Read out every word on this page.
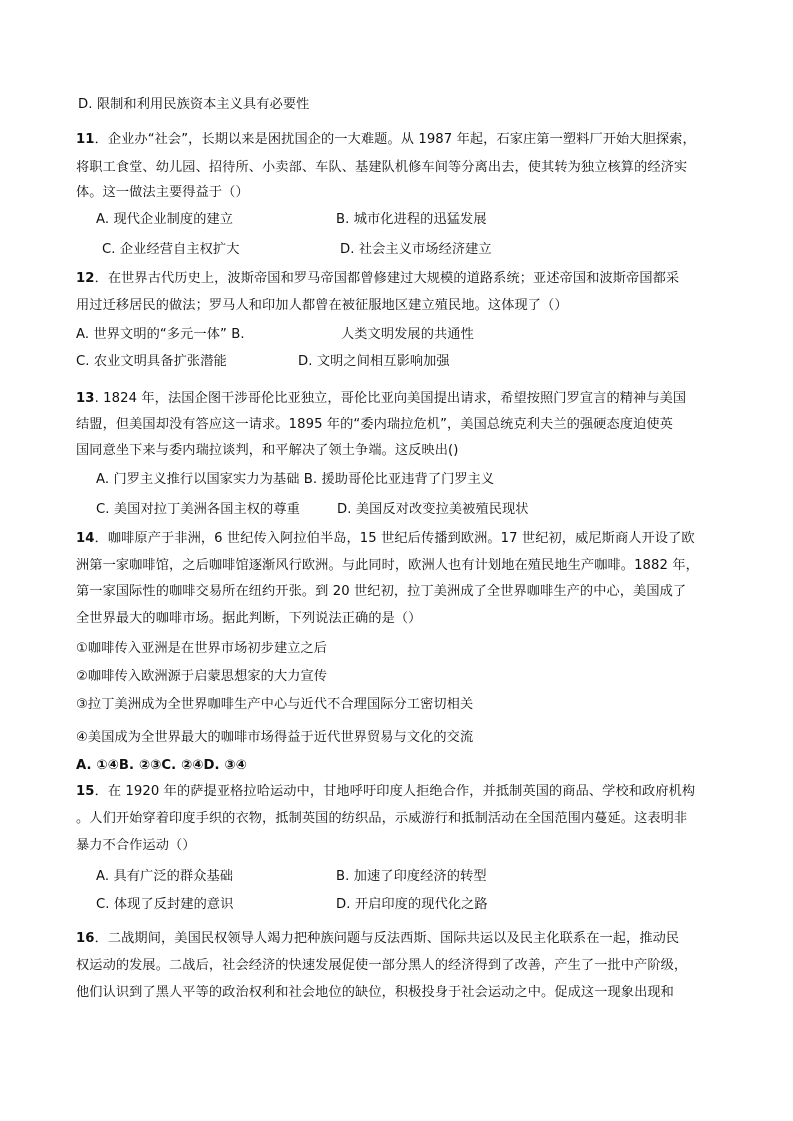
D. 限制和利用民族资本主义具有必要性
11．企业办“社会”，长期以来是困扰国企的一大难题。从 1987 年起，石家庄第一塑料厂开始大胆探索，
将职工食堂、幼儿园、招待所、小卖部、车队、基建队机修车间等分离出去，使其转为独立核算的经济实
体。这一做法主要得益于（）
A. 现代企业制度的建立	B. 城市化进程的迅猛发展
C. 企业经营自主权扩大	D. 社会主义市场经济建立
12．在世界古代历史上，波斯帝国和罗马帝国都曾修建过大规模的道路系统；亚述帝国和波斯帝国都采
用过迁移居民的做法；罗马人和印加人都曾在被征服地区建立殖民地。这体现了（）
A. 世界文明的“多元一体” B.	人类文明发展的共通性
C. 农业文明具备扩张潜能	D. 文明之间相互影响加强
13. 1824 年，法国企图干涉哥伦比亚独立，哥伦比亚向美国提出请求，希望按照门罗宣言的精神与美国
结盟，但美国却没有答应这一请求。1895 年的“委内瑞拉危机”，美国总统克利夫兰的强硬态度迫使英
国同意坐下来与委内瑞拉谈判，和平解决了领土争端。这反映出()
A. 门罗主义推行以国家实力为基础 B. 援助哥伦比亚违背了门罗主义
C. 美国对拉丁美洲各国主权的尊重	D. 美国反对改变拉美被殖民现状
14．咖啡原产于非洲，6 世纪传入阿拉伯半岛，15 世纪后传播到欧洲。17 世纪初，威尼斯商人开设了欧
洲第一家咖啡馆，之后咖啡馆逐渐风行欧洲。与此同时，欧洲人也有计划地在殖民地生产咖啡。1882 年，
第一家国际性的咖啡交易所在纽约开张。到 20 世纪初，拉丁美洲成了全世界咖啡生产的中心，美国成了
全世界最大的咖啡市场。据此判断，下列说法正确的是（）
①咖啡传入亚洲是在世界市场初步建立之后
②咖啡传入欧洲源于启蒙思想家的大力宣传
③拉丁美洲成为全世界咖啡生产中心与近代不合理国际分工密切相关
④美国成为全世界最大的咖啡市场得益于近代世界贸易与文化的交流
A. ①④B. ②③C. ②④D. ③④
15．在 1920 年的萨提亚格拉哈运动中，甘地呼吁印度人拒绝合作，并抵制英国的商品、学校和政府机构
。人们开始穿着印度手织的衣物，抵制英国的纺织品，示威游行和抵制活动在全国范围内蔓延。这表明非
暴力不合作运动（）
A. 具有广泛的群众基础	B. 加速了印度经济的转型
C. 体现了反封建的意识	D. 开启印度的现代化之路
16．二战期间，美国民权领导人竭力把种族问题与反法西斯、国际共运以及民主化联系在一起，推动民
权运动的发展。二战后，社会经济的快速发展促使一部分黑人的经济得到了改善，产生了一批中产阶级，
他们认识到了黑人平等的政治权利和社会地位的缺位，积极投身于社会运动之中。促成这一现象出现和
